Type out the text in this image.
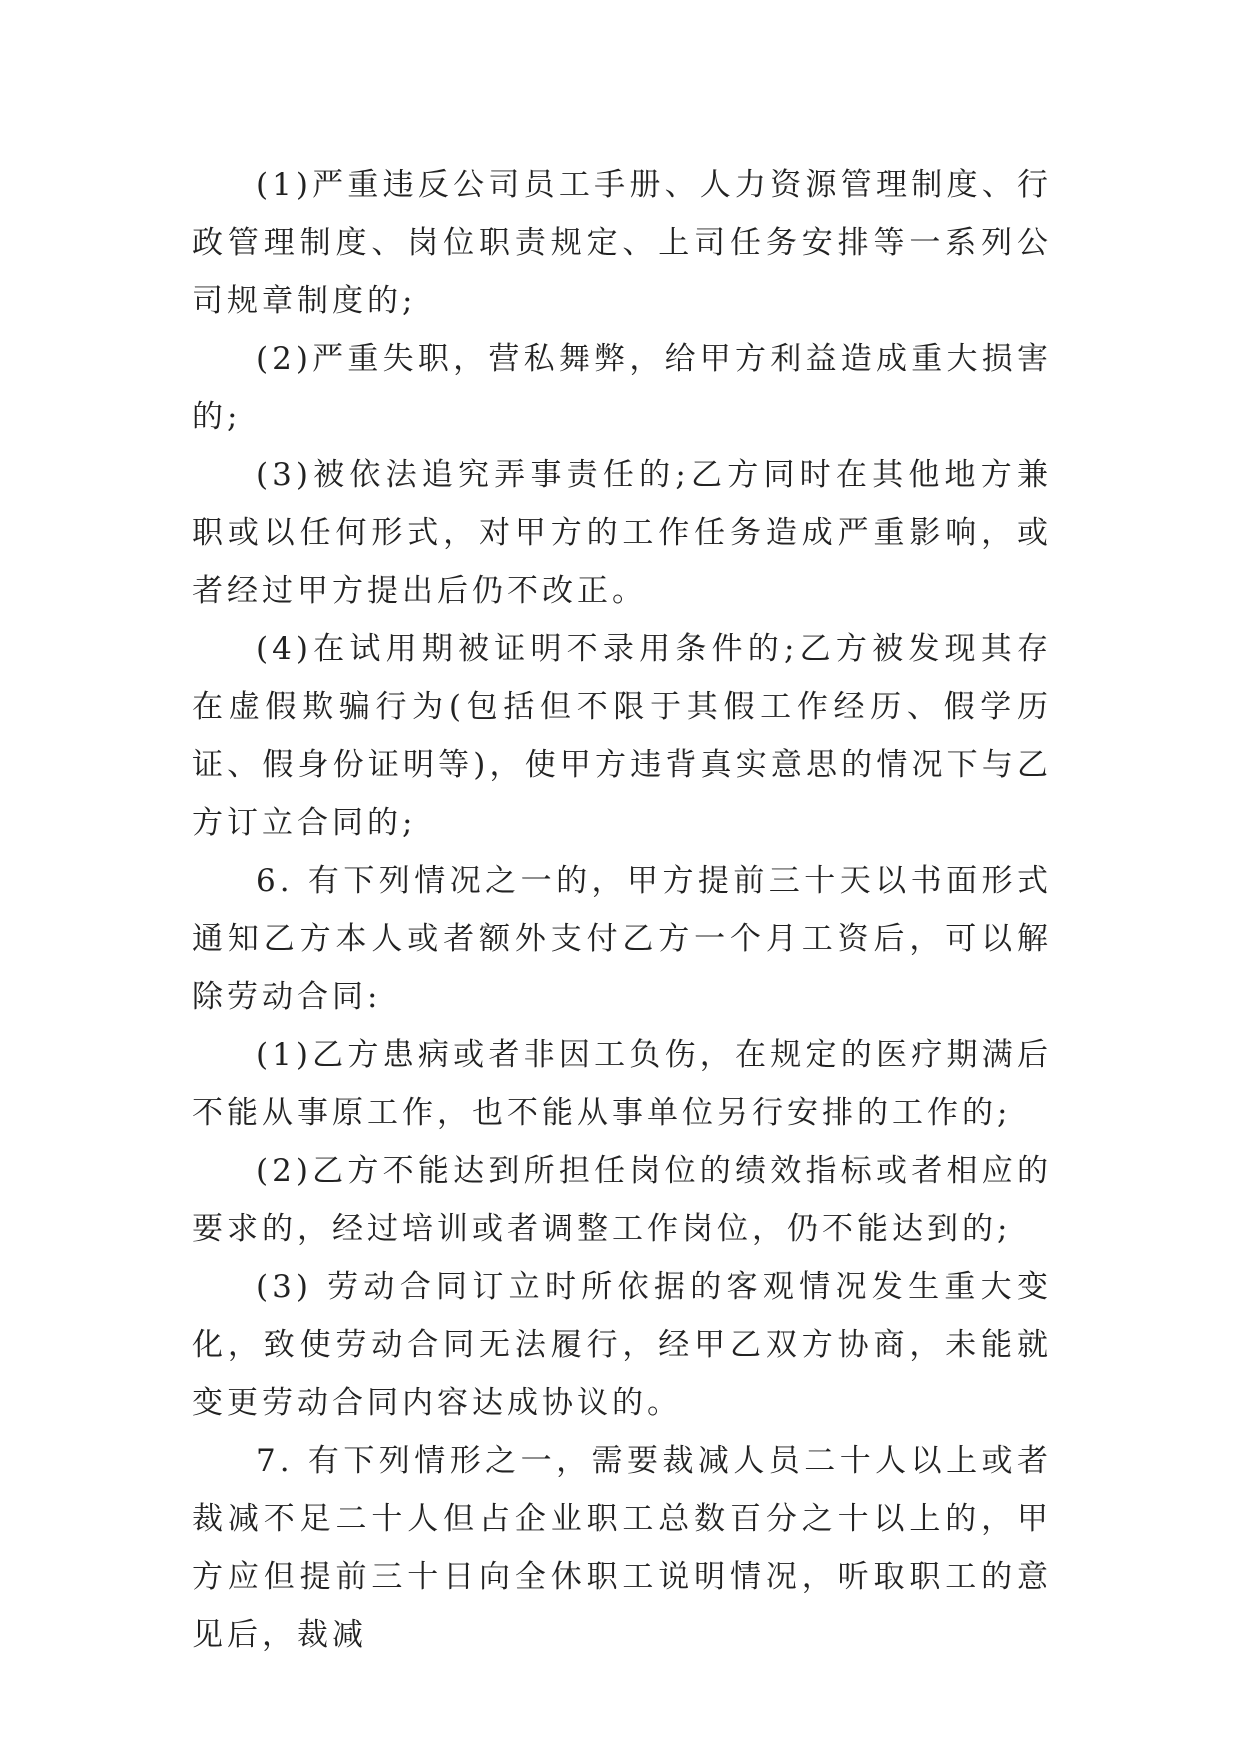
(1)严重违反公司员工手册、人力资源管理制度、行政管理制度、岗位职责规定、上司任务安排等一系列公司规章制度的;

(2)严重失职，营私舞弊，给甲方利益造成重大损害的;

(3)被依法追究弄事责任的;乙方同时在其他地方兼职或以任何形式，对甲方的工作任务造成严重影响，或者经过甲方提出后仍不改正。

(4)在试用期被证明不录用条件的;乙方被发现其存在虚假欺骗行为(包括但不限于其假工作经历、假学历证、假身份证明等)，使甲方违背真实意思的情况下与乙方订立合同的;

6. 有下列情况之一的，甲方提前三十天以书面形式通知乙方本人或者额外支付乙方一个月工资后，可以解除劳动合同:

(1)乙方患病或者非因工负伤，在规定的医疗期满后不能从事原工作，也不能从事单位另行安排的工作的;

(2)乙方不能达到所担任岗位的绩效指标或者相应的要求的，经过培训或者调整工作岗位，仍不能达到的;

(3) 劳动合同订立时所依据的客观情况发生重大变化，致使劳动合同无法履行，经甲乙双方协商，未能就变更劳动合同内容达成协议的。

7. 有下列情形之一，需要裁减人员二十人以上或者裁减不足二十人但占企业职工总数百分之十以上的，甲方应但提前三十日向全休职工说明情况，听取职工的意见后，裁减
